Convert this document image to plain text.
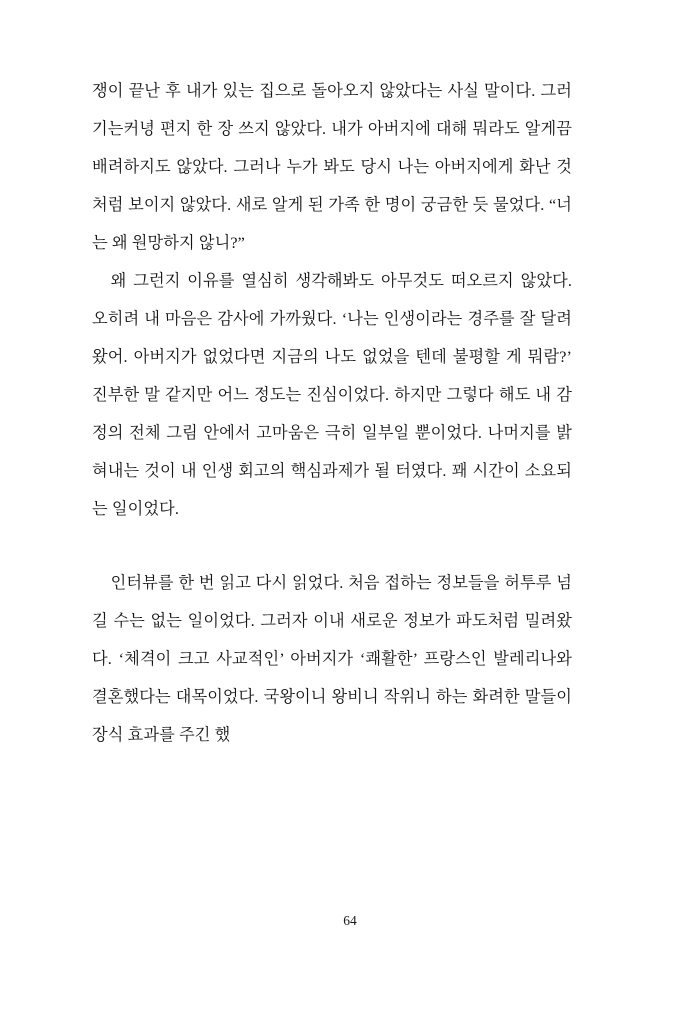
쟁이 끝난 후 내가 있는 집으로 돌아오지 않았다는 사실 말이다. 그러기는커녕 편지 한 장 쓰지 않았다. 내가 아버지에 대해 뭐라도 알게끔 배려하지도 않았다. 그러나 누가 봐도 당시 나는 아버지에게 화난 것처럼 보이지 않았다. 새로 알게 된 가족 한 명이 궁금한 듯 물었다. “너는 왜 원망하지 않니?”

왜 그런지 이유를 열심히 생각해봐도 아무것도 떠오르지 않았다. 오히려 내 마음은 감사에 가까웠다. ‘나는 인생이라는 경주를 잘 달려왔어. 아버지가 없었다면 지금의 나도 없었을 텐데 불평할 게 뭐람?’ 진부한 말 같지만 어느 정도는 진심이었다. 하지만 그렇다 해도 내 감정의 전체 그림 안에서 고마움은 극히 일부일 뿐이었다. 나머지를 밝혀내는 것이 내 인생 회고의 핵심과제가 될 터였다. 꽤 시간이 소요되는 일이었다.

인터뷰를 한 번 읽고 다시 읽었다. 처음 접하는 정보들을 허투루 넘길 수는 없는 일이었다. 그러자 이내 새로운 정보가 파도처럼 밀려왔다. ‘체격이 크고 사교적인’ 아버지가 ‘쾌활한’ 프랑스인 발레리나와 결혼했다는 대목이었다. 국왕이니 왕비니 작위니 하는 화려한 말들이 장식 효과를 주긴 했

64
